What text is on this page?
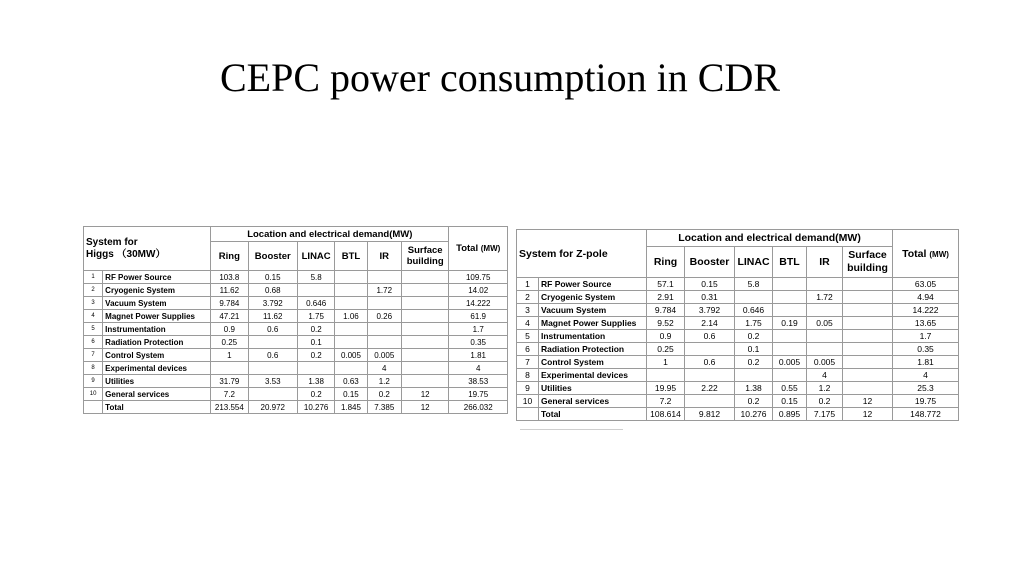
CEPC power consumption in CDR
System for
Higgs （30MW）		Location and electrical demand(MW)						Total (MW)
		Ring	Booster	LINAC	BTL	IR	Surface building	
1	RF Power Source	103.8	0.15	5.8				109.75
2	Cryogenic System	11.62	0.68			1.72		14.02
3	Vacuum System	9.784	3.792	0.646				14.222
4	Magnet Power Supplies	47.21	11.62	1.75	1.06	0.26		61.9
5	Instrumentation	0.9	0.6	0.2				1.7
6	Radiation Protection	0.25		0.1				0.35
7	Control System	1	0.6	0.2	0.005	0.005		1.81
8	Experimental devices					4		4
9	Utilities	31.79	3.53	1.38	0.63	1.2		38.53
10	General services	7.2		0.2	0.15	0.2	12	19.75
	Total	213.554	20.972	10.276	1.845	7.385	12	266.032
System for Z-pole		Location and electrical demand(MW)						Total (MW)
		Ring	Booster	LINAC	BTL	IR	Surface building	
1	RF Power Source	57.1	0.15	5.8				63.05
2	Cryogenic System	2.91	0.31			1.72		4.94
3	Vacuum System	9.784	3.792	0.646				14.222
4	Magnet Power Supplies	9.52	2.14	1.75	0.19	0.05		13.65
5	Instrumentation	0.9	0.6	0.2				1.7
6	Radiation Protection	0.25		0.1				0.35
7	Control System	1	0.6	0.2	0.005	0.005		1.81
8	Experimental devices					4		4
9	Utilities	19.95	2.22	1.38	0.55	1.2		25.3
10	General services	7.2		0.2	0.15	0.2	12	19.75
	Total	108.614	9.812	10.276	0.895	7.175	12	148.772
